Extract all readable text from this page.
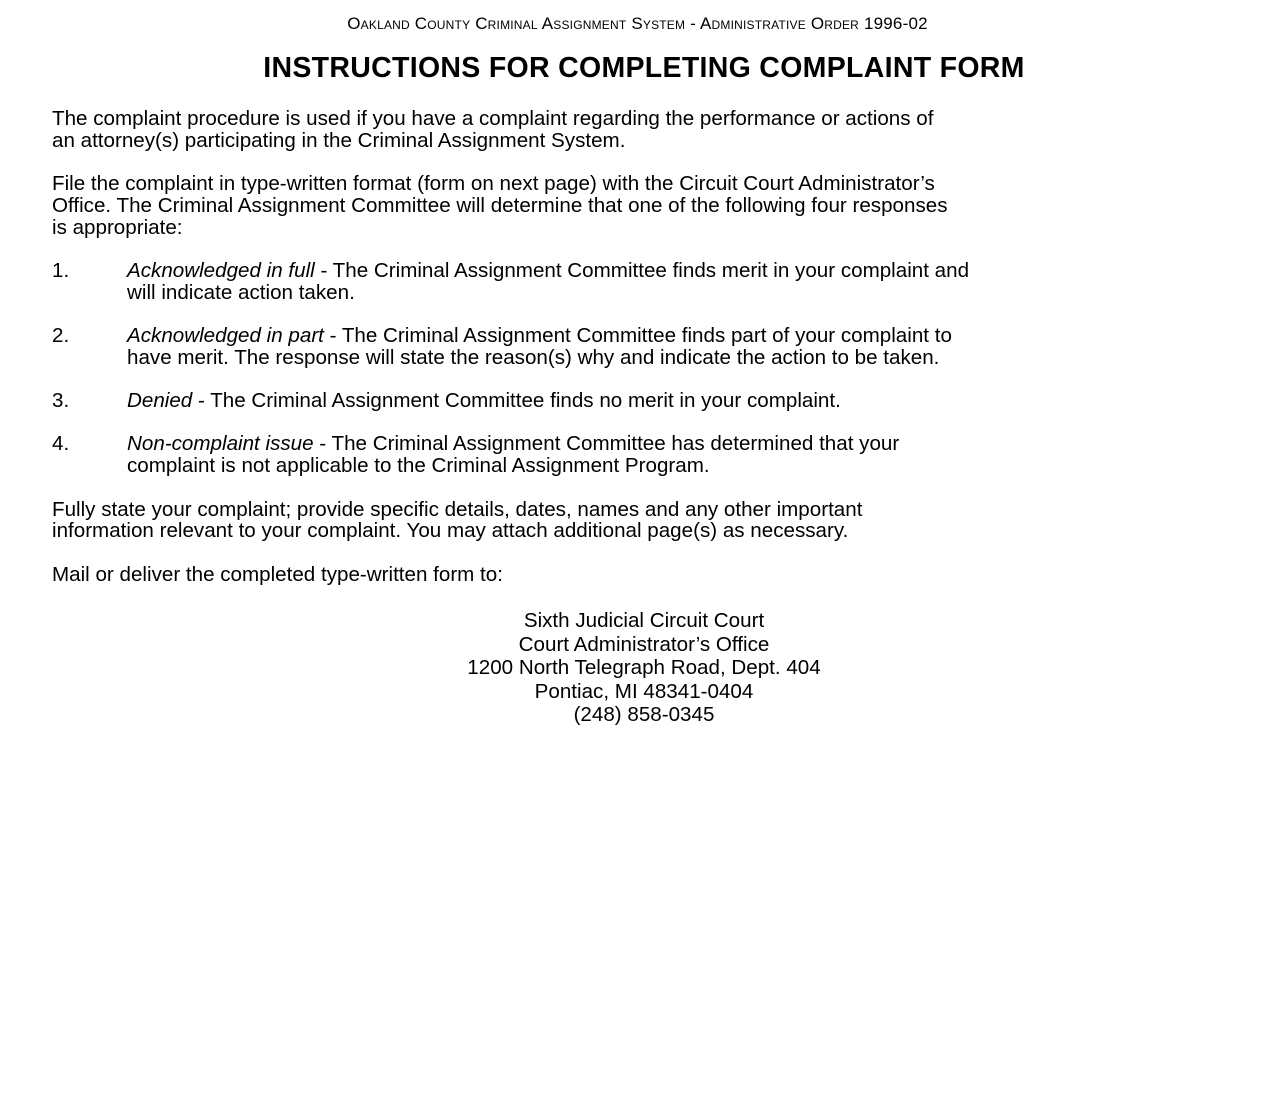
Oakland County Criminal Assignment System - Administrative Order 1996-02
INSTRUCTIONS FOR COMPLETING COMPLAINT FORM

The complaint procedure is used if you have a complaint regarding the performance or actions of
an attorney(s) participating in the Criminal Assignment System.

File the complaint in type-written format (form on next page) with the Circuit Court Administrator’s
Office. The Criminal Assignment Committee will determine that one of the following four responses
is appropriate:

1.	Acknowledged in full - The Criminal Assignment Committee finds merit in your complaint and
will indicate action taken.
2.	Acknowledged in part - The Criminal Assignment Committee finds part of your complaint to
have merit. The response will state the reason(s) why and indicate the action to be taken.
3.	Denied - The Criminal Assignment Committee finds no merit in your complaint.
4.	Non-complaint issue - The Criminal Assignment Committee has determined that your
complaint is not applicable to the Criminal Assignment Program.

Fully state your complaint; provide specific details, dates, names and any other important
information relevant to your complaint. You may attach additional page(s) as necessary.

Mail or deliver the completed type-written form to:

Sixth Judicial Circuit Court
Court Administrator’s Office
1200 North Telegraph Road, Dept. 404
Pontiac, MI 48341-0404
(248) 858-0345
